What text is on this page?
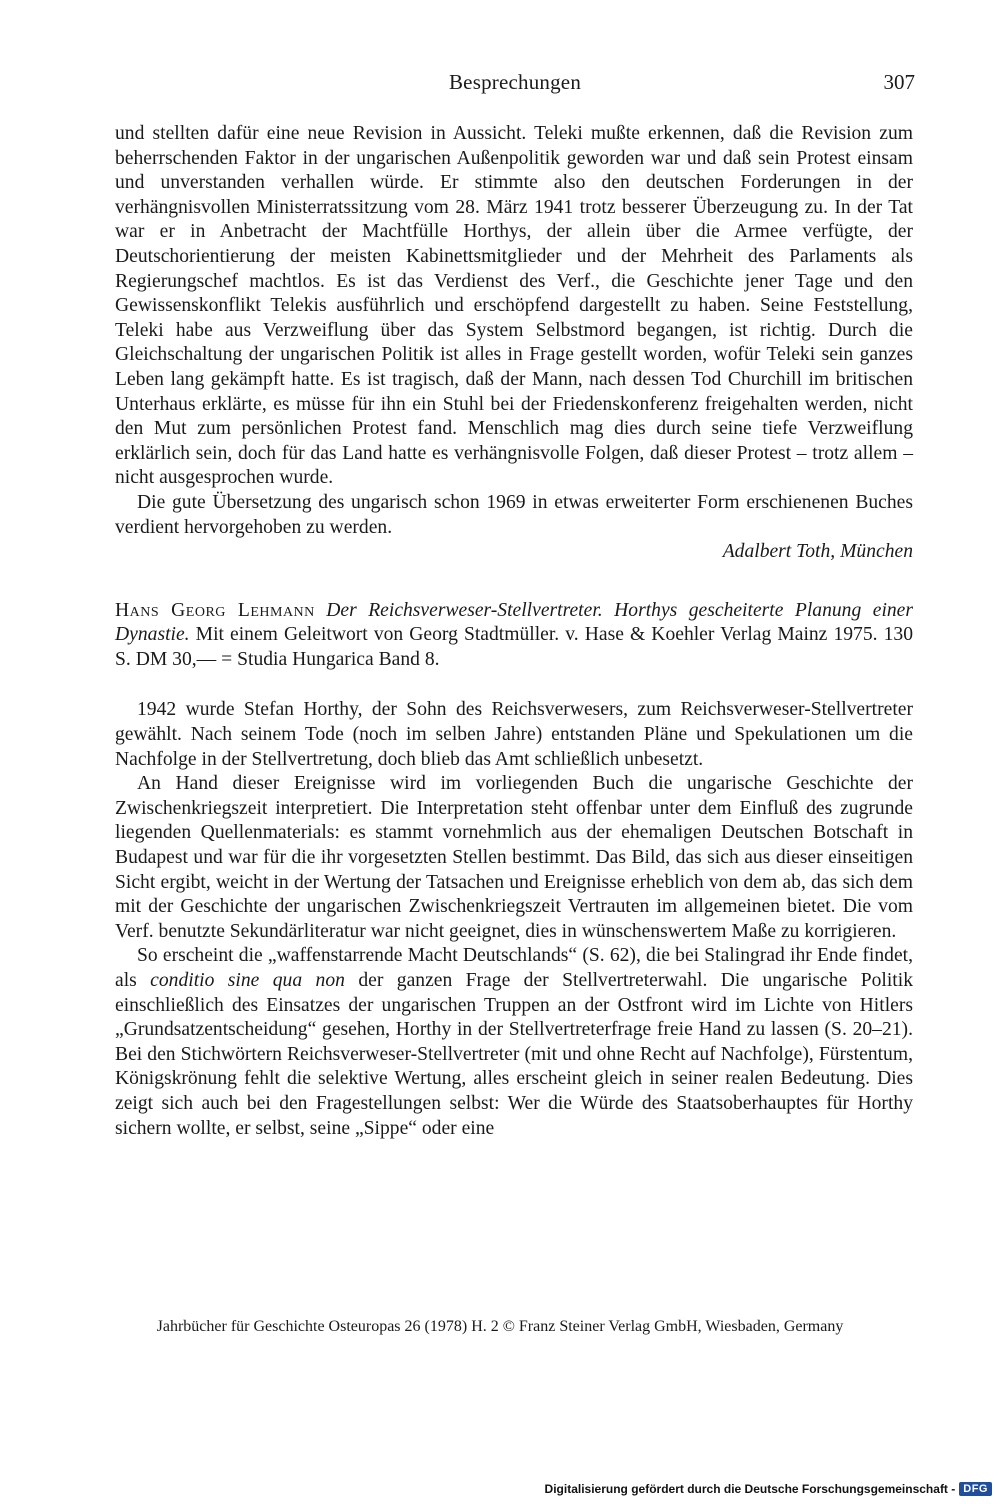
Besprechungen	307

und stellten dafür eine neue Revision in Aussicht. Teleki mußte erkennen, daß die Revision zum beherrschenden Faktor in der ungarischen Außenpolitik geworden war und daß sein Protest einsam und unverstanden verhallen würde. Er stimmte also den deutschen Forderungen in der verhängnisvollen Ministerratssitzung vom 28. März 1941 trotz besserer Überzeugung zu. In der Tat war er in Anbetracht der Machtfülle Horthys, der allein über die Armee verfügte, der Deutschorientierung der meisten Kabinettsmitglieder und der Mehrheit des Parlaments als Regierungschef machtlos. Es ist das Verdienst des Verf., die Geschichte jener Tage und den Gewissenskonflikt Telekis ausführlich und erschöpfend dargestellt zu haben. Seine Feststellung, Teleki habe aus Verzweiflung über das System Selbstmord begangen, ist richtig. Durch die Gleichschaltung der ungarischen Politik ist alles in Frage gestellt worden, wofür Teleki sein ganzes Leben lang gekämpft hatte. Es ist tragisch, daß der Mann, nach dessen Tod Churchill im britischen Unterhaus erklärte, es müsse für ihn ein Stuhl bei der Friedenskonferenz freigehalten werden, nicht den Mut zum persönlichen Protest fand. Menschlich mag dies durch seine tiefe Verzweiflung erklärlich sein, doch für das Land hatte es verhängnisvolle Folgen, daß dieser Protest – trotz allem – nicht ausgesprochen wurde.

Die gute Übersetzung des ungarisch schon 1969 in etwas erweiterter Form erschienenen Buches verdient hervorgehoben zu werden.

Adalbert Toth, München

Hans Georg Lehmann Der Reichsverweser-Stellvertreter. Horthys gescheiterte Planung einer Dynastie. Mit einem Geleitwort von Georg Stadtmüller. v. Hase & Koehler Verlag Mainz 1975. 130 S. DM 30,— = Studia Hungarica Band 8.

1942 wurde Stefan Horthy, der Sohn des Reichsverwesers, zum Reichsverweser-Stellvertreter gewählt. Nach seinem Tode (noch im selben Jahre) entstanden Pläne und Spekulationen um die Nachfolge in der Stellvertretung, doch blieb das Amt schließlich unbesetzt.

An Hand dieser Ereignisse wird im vorliegenden Buch die ungarische Geschichte der Zwischenkriegszeit interpretiert. Die Interpretation steht offenbar unter dem Einfluß des zugrunde liegenden Quellenmaterials: es stammt vornehmlich aus der ehemaligen Deutschen Botschaft in Budapest und war für die ihr vorgesetzten Stellen bestimmt. Das Bild, das sich aus dieser einseitigen Sicht ergibt, weicht in der Wertung der Tatsachen und Ereignisse erheblich von dem ab, das sich dem mit der Geschichte der ungarischen Zwischenkriegszeit Vertrauten im allgemeinen bietet. Die vom Verf. benutzte Sekundärliteratur war nicht geeignet, dies in wünschenswertem Maße zu korrigieren.

So erscheint die „waffenstarrende Macht Deutschlands“ (S. 62), die bei Stalingrad ihr Ende findet, als conditio sine qua non der ganzen Frage der Stellvertreterwahl. Die ungarische Politik einschließlich des Einsatzes der ungarischen Truppen an der Ostfront wird im Lichte von Hitlers „Grundsatzentscheidung“ gesehen, Horthy in der Stellvertreterfrage freie Hand zu lassen (S. 20–21). Bei den Stichwörtern Reichsverweser-Stellvertreter (mit und ohne Recht auf Nachfolge), Fürstentum, Königskrönung fehlt die selektive Wertung, alles erscheint gleich in seiner realen Bedeutung. Dies zeigt sich auch bei den Fragestellungen selbst: Wer die Würde des Staatsoberhauptes für Horthy sichern wollte, er selbst, seine „Sippe“ oder eine

Jahrbücher für Geschichte Osteuropas 26 (1978) H. 2 © Franz Steiner Verlag GmbH, Wiesbaden, Germany
Digitalisierung gefördert durch die Deutsche Forschungsgemeinschaft - DFG
